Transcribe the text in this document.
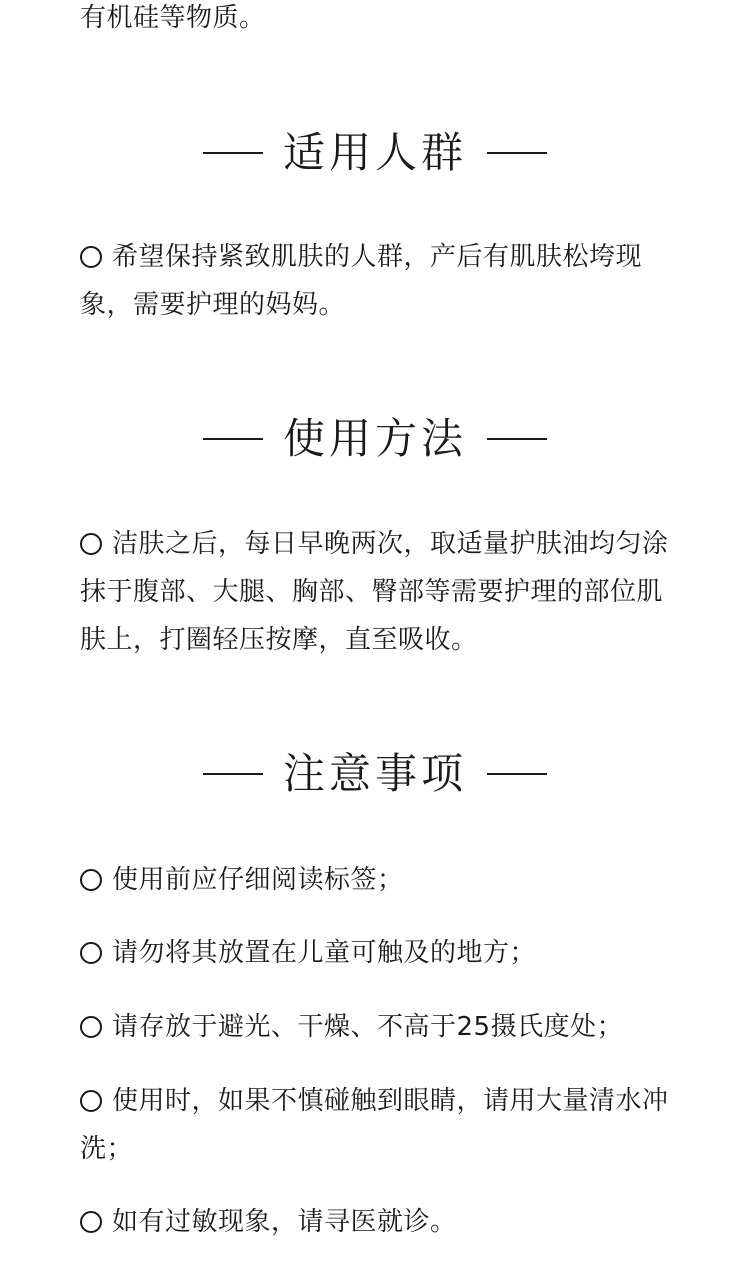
有机硅等物质。

适用人群

希望保持紧致肌肤的人群，产后有肌肤松垮现象，需要护理的妈妈。

使用方法

洁肤之后，每日早晚两次，取适量护肤油均匀涂抹于腹部、大腿、胸部、臀部等需要护理的部位肌肤上，打圈轻压按摩，直至吸收。

注意事项

使用前应仔细阅读标签；

请勿将其放置在儿童可触及的地方；

请存放于避光、干燥、不高于25摄氏度处；

使用时，如果不慎碰触到眼睛，请用大量清水冲洗；

如有过敏现象，请寻医就诊。
